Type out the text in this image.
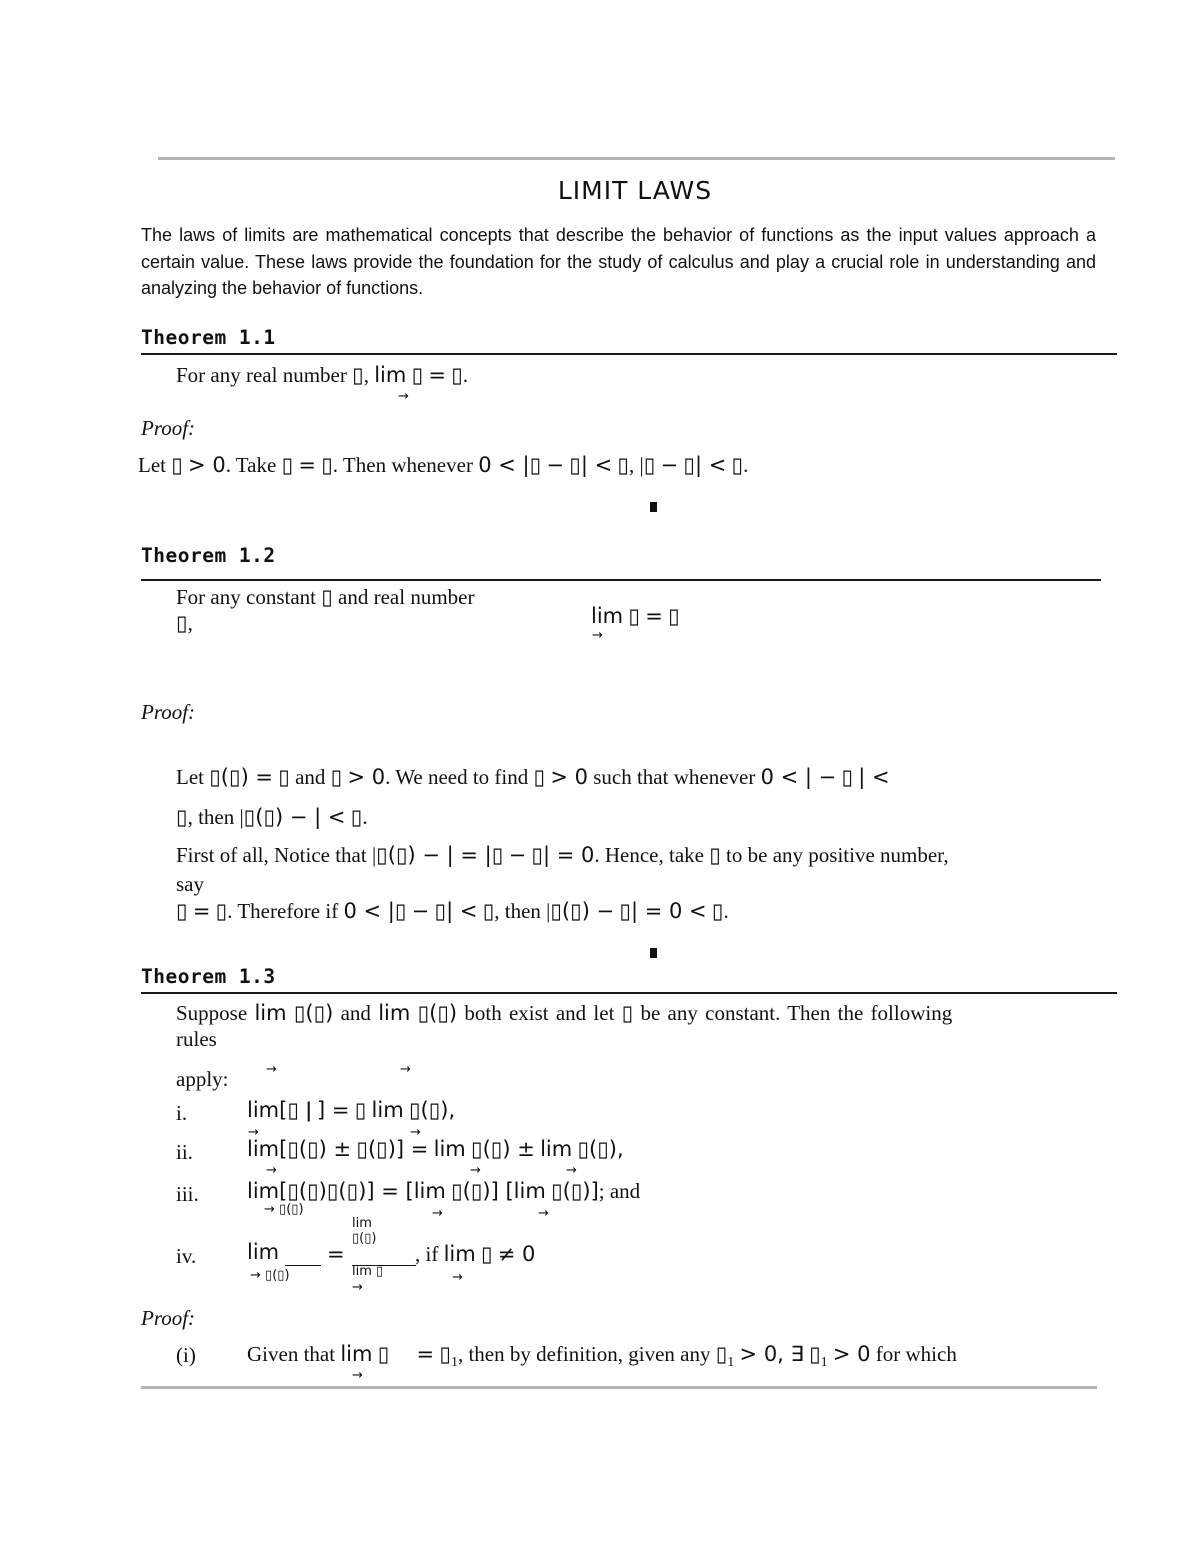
LIMIT LAWS

The laws of limits are mathematical concepts that describe the behavior of functions as the input values approach a certain value. These laws provide the foundation for the study of calculus and play a crucial role in understanding and analyzing the behavior of functions.

Theorem 1.1
For any real number ▯, lim ▯ = ▯.
→
Proof:
Let ▯ > 0. Take ▯ = ▯. Then whenever 0 < |▯ − ▯| < ▯, |▯ − ▯| < ▯.
Theorem 1.2
For any constant ▯ and real number
▯,	lim ▯ = ▯
→
Proof:
Let ▯(▯) = ▯ and ▯ > 0. We need to find ▯ > 0 such that whenever 0 < | − ▯ | <
▯, then |▯(▯) − | < ▯.
First of all, Notice that |▯(▯) − | = |▯ − ▯| = 0. Hence, take ▯ to be any positive number,
say
▯ = ▯. Therefore if 0 < |▯ − ▯| < ▯, then |▯(▯) − ▯| = 0 < ▯.
Theorem 1.3
Suppose lim ▯(▯) and lim ▯(▯) both exist and let ▯ be any constant. Then the following
rules
apply:	→	→
i.	lim[▯ ǀ ] = ▯ lim ▯(▯),
→	→
ii.	lim[▯(▯) ± ▯(▯)] = lim ▯(▯) ± lim ▯(▯),
→	→	→
iii. lim[▯(▯)▯(▯)] = [lim ▯(▯)] [lim ▯(▯)]; and
→ ▯(▯)	→	→
iv. lim
→ ▯(▯)
=
lim
▯(▯)
lim ▯
→
, if lim ▯ ≠ 0
→
Proof:
(i) Given that lim ▯ = $▯_1$, then by definition, given any $▯_1 > 0$, ∃ $▯_1 > 0$ for which
→
